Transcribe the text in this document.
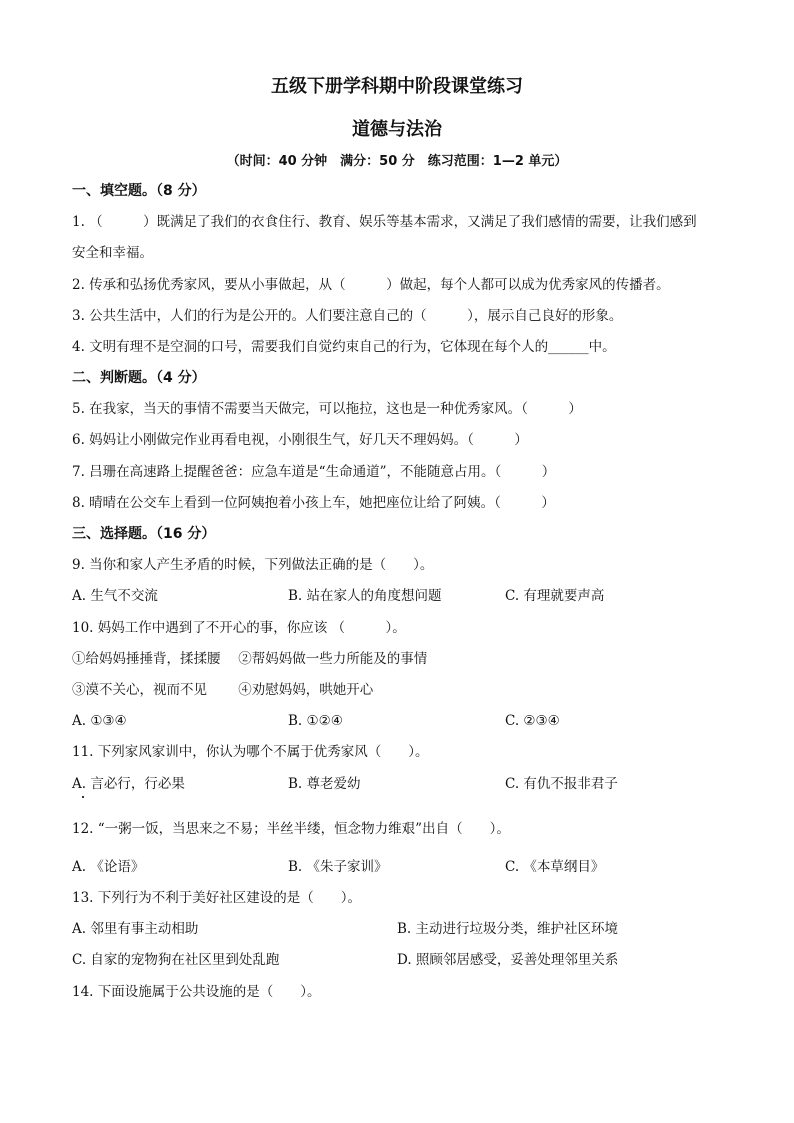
五级下册学科期中阶段课堂练习
道德与法治
（时间：40 分钟　满分：50 分　练习范围：1—2 单元）
一、填空题。（8 分）
1. （　　　）既满足了我们的衣食住行、教育、娱乐等基本需求，又满足了我们感情的需要，让我们感到
安全和幸福。
2. 传承和弘扬优秀家风，要从小事做起，从（　　　）做起，每个人都可以成为优秀家风的传播者。
3. 公共生活中，人们的行为是公开的。人们要注意自己的（　　　），展示自己良好的形象。
4. 文明有理不是空洞的口号，需要我们自觉约束自己的行为，它体现在每个人的______中。
二、判断题。（4 分）
5. 在我家，当天的事情不需要当天做完，可以拖拉，这也是一种优秀家风。（　　　）
6. 妈妈让小刚做完作业再看电视，小刚很生气，好几天不理妈妈。（　　　）
7. 吕珊在高速路上提醒爸爸：应急车道是“生命通道”，不能随意占用。（　　　）
8. 晴晴在公交车上看到一位阿姨抱着小孩上车，她把座位让给了阿姨。（　　　）
三、选择题。（16 分）
9. 当你和家人产生矛盾的时候，下列做法正确的是（　　）。
A. 生气不交流	B. 站在家人的角度想问题	C. 有理就要声高
10. 妈妈工作中遇到了不开心的事，你应该 （　　　）。
①给妈妈捶捶背，揉揉腰　 ②帮妈妈做一些力所能及的事情
③漠不关心，视而不见　　 ④劝慰妈妈，哄她开心
A. ①③④	B. ①②④	C. ②③④
11. 下列家风家训中，你认为哪个不属于优秀家风（　　）。
A. 言必行，行必果	B. 尊老爱幼	C. 有仇不报非君子
12. “一粥一饭，当思来之不易；半丝半缕，恒念物力维艰”出自（　　）。
A. 《论语》	B. 《朱子家训》	C. 《本草纲目》
13. 下列行为不利于美好社区建设的是（　　）。
A. 邻里有事主动相助	B. 主动进行垃圾分类，维护社区环境
C. 自家的宠物狗在社区里到处乱跑	D. 照顾邻居感受，妥善处理邻里关系
14. 下面设施属于公共设施的是（　　）。
